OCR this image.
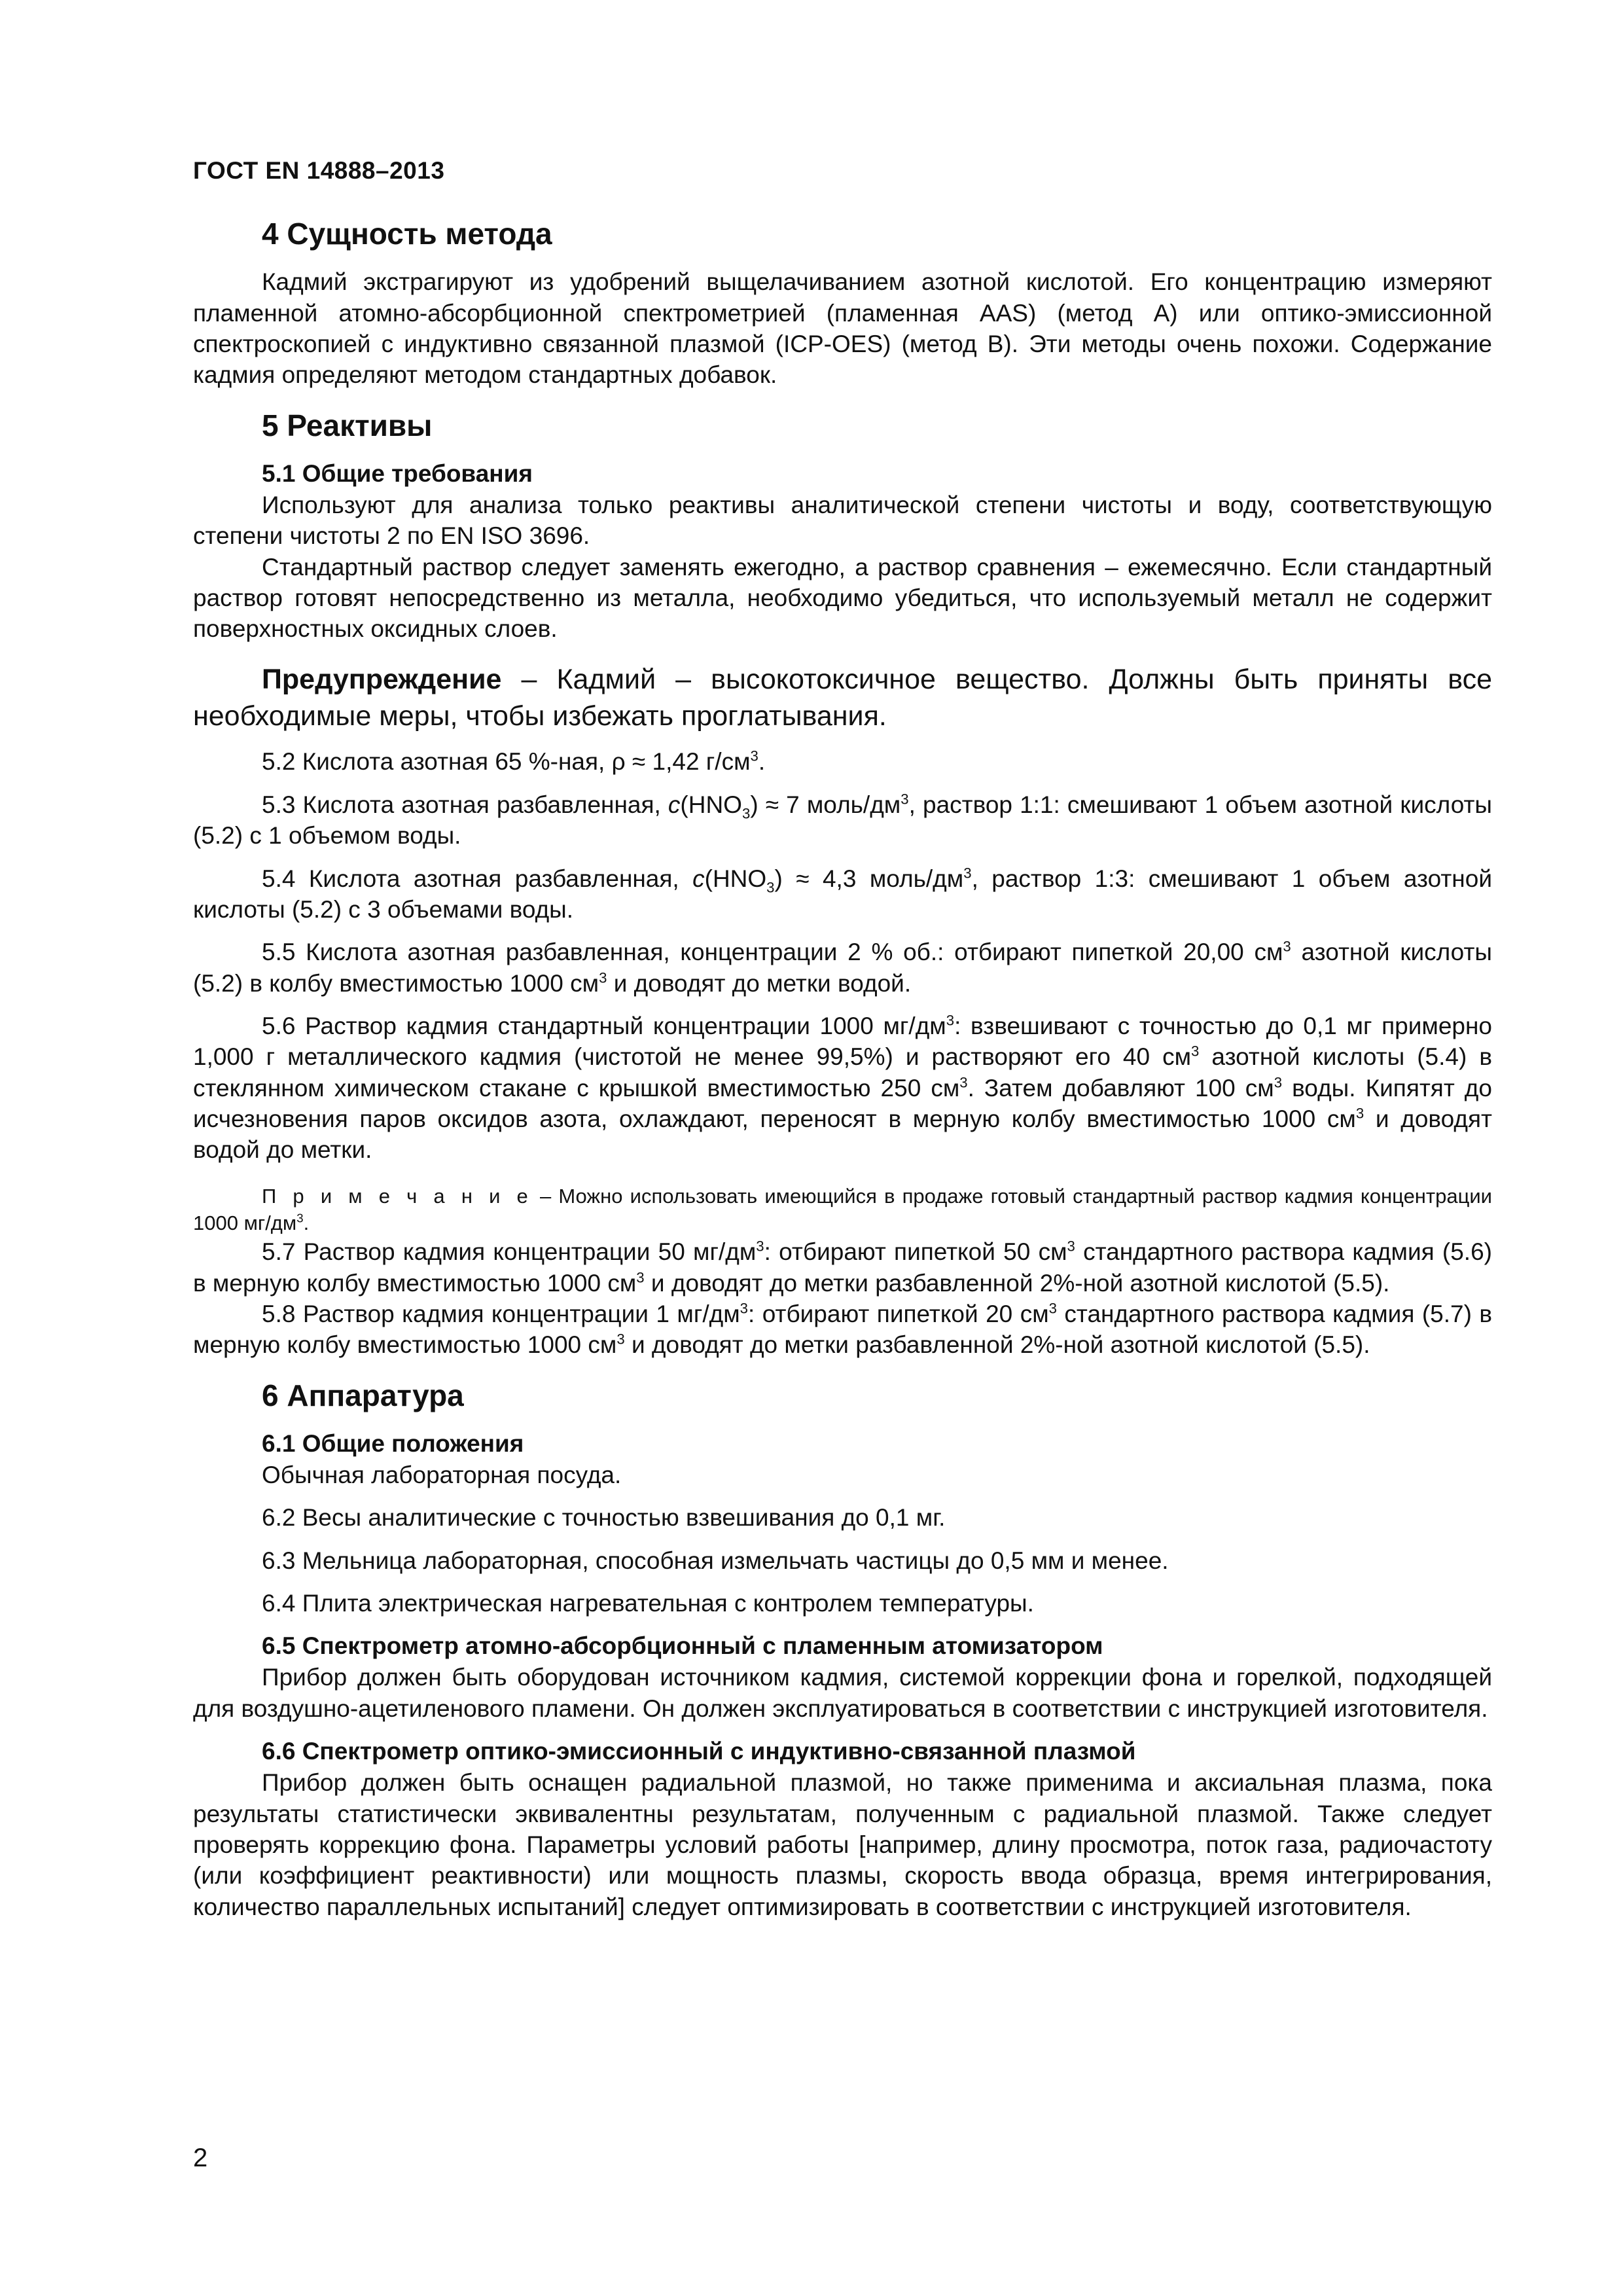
ГОСТ EN 14888–2013
4 Сущность метода

Кадмий экстрагируют из удобрений выщелачиванием азотной кислотой. Его концентрацию измеряют пламенной атомно-абсорбционной спектрометрией (пламенная AAS) (метод А) или оптико-эмиссионной спектроскопией с индуктивно связанной плазмой (ICP-OES) (метод В). Эти методы очень похожи. Содержание кадмия определяют методом стандартных добавок.

5 Реактивы
5.1 Общие требования

Используют для анализа только реактивы аналитической степени чистоты и воду, соответствующую степени чистоты 2 по EN ISO 3696.

Стандартный раствор следует заменять ежегодно, а раствор сравнения – ежемесячно. Если стандартный раствор готовят непосредственно из металла, необходимо убедиться, что используемый металл не содержит поверхностных оксидных слоев.

Предупреждение – Кадмий – высокотоксичное вещество. Должны быть приняты все необходимые меры, чтобы избежать проглатывания.

5.2 Кислота азотная 65 %-ная, ρ ≈ 1,42 $г/см^3$.

5.3 Кислота азотная разбавленная, $c(HNO_3) \approx 7$ моль/$дм^3$, раствор 1:1: смешивают 1 объем азотной кислоты (5.2) с 1 объемом воды.

5.4 Кислота азотная разбавленная, $c(HNO_3) \approx 4,3$ моль/$дм^3$, раствор 1:3: смешивают 1 объем азотной кислоты (5.2) с 3 объемами воды.

5.5 Кислота азотная разбавленная, концентрации 2 % об.: отбирают пипеткой 20,00 $см^3$ азотной кислоты (5.2) в колбу вместимостью 1000 $см^3$ и доводят до метки водой.

5.6 Раствор кадмия стандартный концентрации 1000 $мг/дм^3$: взвешивают с точностью до 0,1 мг примерно 1,000 г металлического кадмия (чистотой не менее 99,5%) и растворяют его 40 $см^3$ азотной кислоты (5.4) в стеклянном химическом стакане с крышкой вместимостью 250 $см^3$. Затем добавляют 100 $см^3$ воды. Кипятят до исчезновения паров оксидов азота, охлаждают, переносят в мерную колбу вместимостью 1000 $см^3$ и доводят водой до метки.

П р и м е ч а н и е – Можно использовать имеющийся в продаже готовый стандартный раствор кадмия концентрации 1000 $мг/дм^3$.

5.7 Раствор кадмия концентрации 50 $мг/дм^3$: отбирают пипеткой 50 $см^3$ стандартного раствора кадмия (5.6) в мерную колбу вместимостью 1000 $см^3$ и доводят до метки разбавленной 2%-ной азотной кислотой (5.5).

5.8 Раствор кадмия концентрации 1 $мг/дм^3$: отбирают пипеткой 20 $см^3$ стандартного раствора кадмия (5.7) в мерную колбу вместимостью 1000 $см^3$ и доводят до метки разбавленной 2%-ной азотной кислотой (5.5).

6 Аппаратура
6.1 Общие положения

Обычная лабораторная посуда.

6.2 Весы аналитические с точностью взвешивания до 0,1 мг.

6.3 Мельница лабораторная, способная измельчать частицы до 0,5 мм и менее.

6.4 Плита электрическая нагревательная с контролем температуры.

6.5 Спектрометр атомно-абсорбционный с пламенным атомизатором

Прибор должен быть оборудован источником кадмия, системой коррекции фона и горелкой, подходящей для воздушно-ацетиленового пламени. Он должен эксплуатироваться в соответствии с инструкцией изготовителя.

6.6 Спектрометр оптико-эмиссионный с индуктивно-связанной плазмой

Прибор должен быть оснащен радиальной плазмой, но также применима и аксиальная плазма, пока результаты статистически эквивалентны результатам, полученным с радиальной плазмой. Также следует проверять коррекцию фона. Параметры условий работы [например, длину просмотра, поток газа, радиочастоту (или коэффициент реактивности) или мощность плазмы, скорость ввода образца, время интегрирования, количество параллельных испытаний] следует оптимизировать в соответствии с инструкцией изготовителя.

2
